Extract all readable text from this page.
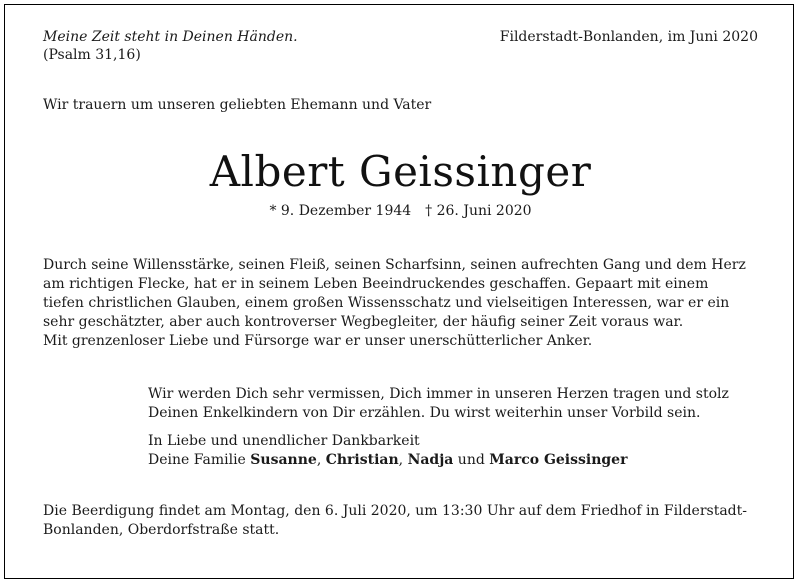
Meine Zeit steht in Deinen Händen.
(Psalm 31,16)
Filderstadt-Bonlanden, im Juni 2020
Wir trauern um unseren geliebten Ehemann und Vater
Albert Geissinger
* 9. Dezember 1944 † 26. Juni 2020
Durch seine Willensstärke, seinen Fleiß, seinen Scharfsinn, seinen aufrechten Gang und dem Herz
am richtigen Flecke, hat er in seinem Leben Beeindruckendes geschaffen. Gepaart mit einem
tiefen christlichen Glauben, einem großen Wissensschatz und vielseitigen Interessen, war er ein
sehr geschätzter, aber auch kontroverser Wegbegleiter, der häufig seiner Zeit voraus war.
Mit grenzenloser Liebe und Fürsorge war er unser unerschütterlicher Anker.
Wir werden Dich sehr vermissen, Dich immer in unseren Herzen tragen und stolz
Deinen Enkelkindern von Dir erzählen. Du wirst weiterhin unser Vorbild sein.
In Liebe und unendlicher Dankbarkeit
Deine Familie Susanne, Christian, Nadja und Marco Geissinger
Die Beerdigung findet am Montag, den 6. Juli 2020, um 13:30 Uhr auf dem Friedhof in Filderstadt-
Bonlanden, Oberdorfstraße statt.
